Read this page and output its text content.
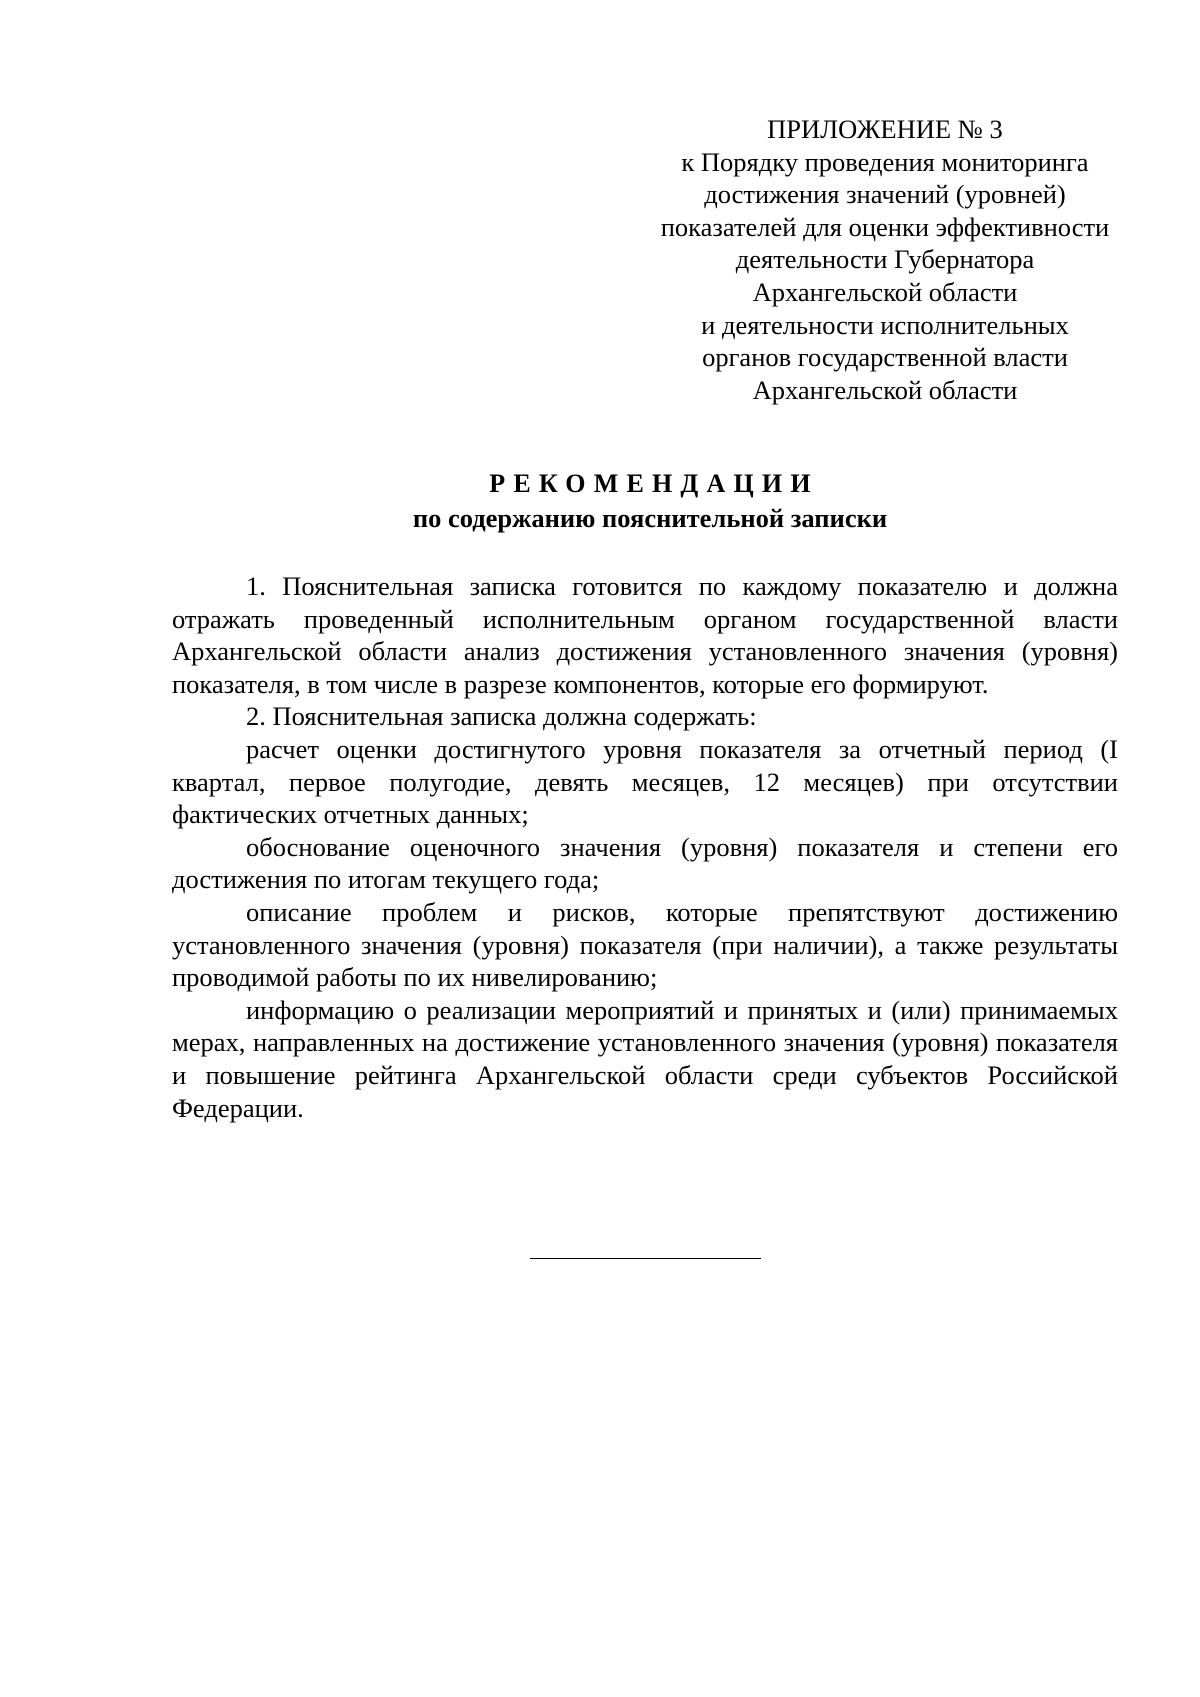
ПРИЛОЖЕНИЕ № 3
к Порядку проведения мониторинга
достижения значений (уровней)
показателей для оценки эффективности
деятельности Губернатора
Архангельской области
и деятельности исполнительных
органов государственной власти
Архангельской области
РЕКОМЕНДАЦИИ
по содержанию пояснительной записки

1. Пояснительная записка готовится по каждому показателю и должна отражать проведенный исполнительным органом государственной власти Архангельской области анализ достижения установленного значения (уровня) показателя, в том числе в разрезе компонентов, которые его формируют.

2. Пояснительная записка должна содержать:

расчет оценки достигнутого уровня показателя за отчетный период (I квартал, первое полугодие, девять месяцев, 12 месяцев) при отсутствии фактических отчетных данных;

обоснование оценочного значения (уровня) показателя и степени его достижения по итогам текущего года;

описание проблем и рисков, которые препятствуют достижению установленного значения (уровня) показателя (при наличии), а также результаты проводимой работы по их нивелированию;

информацию о реализации мероприятий и принятых и (или) принимаемых мерах, направленных на достижение установленного значения (уровня) показателя и повышение рейтинга Архангельской области среди субъектов Российской Федерации.
